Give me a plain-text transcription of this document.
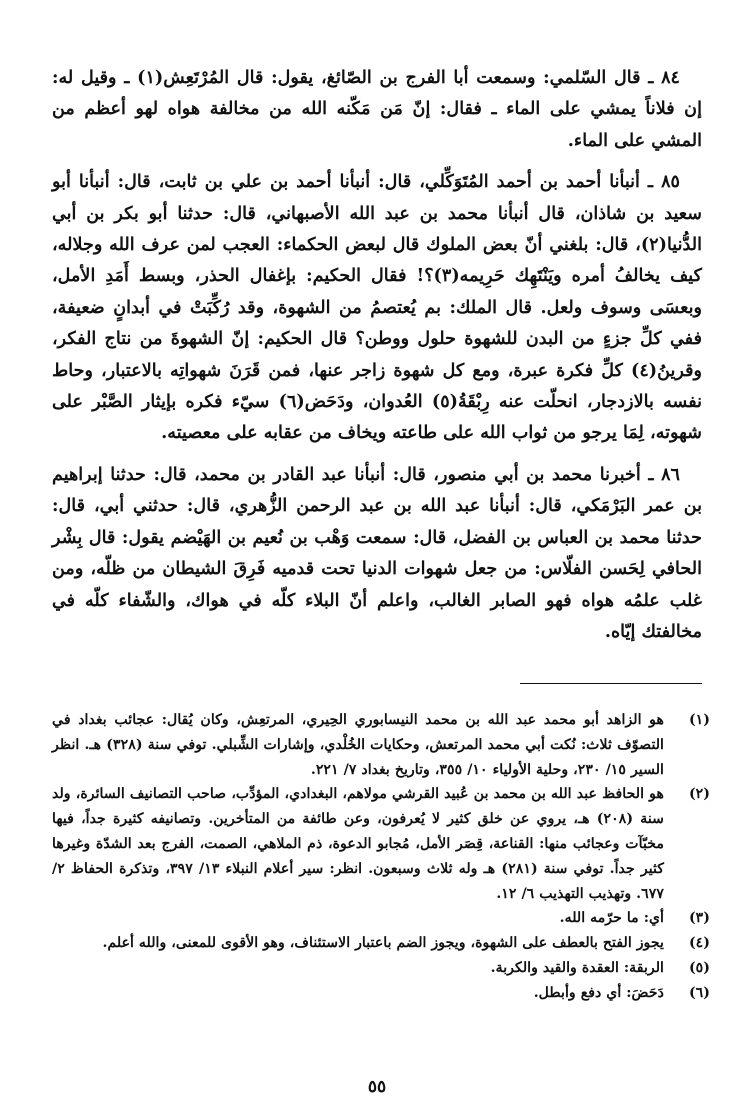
٨٤ ـ قال السّلمي: وسمعت أبا الفرج بن الصّائغ، يقول: قال المُرْتَعِش(١) ـ وقيل له: إن فلاناً يمشي على الماء ـ فقال: إنّ مَن مَكّنه الله من مخالفة هواه لهو أعظم من المشي على الماء.

٨٥ ـ أنبأنا أحمد بن أحمد المُتَوَكِّلي، قال: أنبأنا أحمد بن علي بن ثابت، قال: أنبأنا أبو سعيد بن شاذان، قال أنبأنا محمد بن عبد الله الأصبهاني، قال: حدثنا أبو بكر بن أبي الدُّنيا(٢)، قال: بلغني أنّ بعض الملوك قال لبعض الحكماء: العجب لمن عرف الله وجلاله، كيف يخالفُ أمره ويَنْتَهِك حَرِيمه(٣)؟! فقال الحكيم: بإغفال الحذر، وبسط أَمَدِ الأمل، وبعسَى وسوف ولعل. قال الملك: بم يُعتصمُ من الشهوة، وقد رُكِّبَتْ في أبدانٍ ضعيفة، ففي كلِّ جزءٍ من البدن للشهوة حلول ووطن؟ قال الحكيم: إنّ الشهوةَ من نتاج الفكر، وقرينُ(٤) كلِّ فكرة عبرة، ومع كل شهوة زاجر عنها، فمن قَرَنَ شهواتِه بالاعتبار، وحاط نفسه بالازدجار، انحلّت عنه رِبْقَةُ(٥) العُدوان، ودَحَض(٦) سيّء فكره بإيثار الصَّبْر على شهوته، لِمَا يرجو من ثواب الله على طاعته ويخاف من عقابه على معصيته.

٨٦ ـ أخبرنا محمد بن أبي منصور، قال: أنبأنا عبد القادر بن محمد، قال: حدثنا إبراهيم بن عمر البَرْمَكي، قال: أنبأنا عبد الله بن عبد الرحمن الزُّهري، قال: حدثني أبي، قال: حدثنا محمد بن العباس بن الفضل، قال: سمعت وَهْب بن نُعيم بن الهَيْضم يقول: قال بِشْر الحافي لِحَسن الفلّاس: من جعل شهوات الدنيا تحت قدميه فَرِقَ الشيطان من ظلّه، ومن غلب علمُه هواه فهو الصابر الغالب، واعلم أنّ البلاء كلّه في هواك، والشّفاء كلّه في مخالفتك إيّاه.

(١)
هو الزاهد أبو محمد عبد الله بن محمد النيسابوري الحِيري، المرتعِش، وكان يُقال: عجائب بغداد في التصوّف ثلاث: نُكت أبي محمد المرتعش، وحكايات الخُلْدي، وإشارات الشِّبلي. توفي سنة (٣٢٨) هـ. انظر السير ١٥/ ٢٣٠، وحلية الأولياء ١٠/ ٣٥٥، وتاريخ بغداد ٧/ ٢٢١.
(٢)
هو الحافظ عبد الله بن محمد بن عُبيد القرشي مولاهم، البغدادي، المؤدِّب، صاحب التصانيف السائرة، ولد سنة (٢٠٨) هـ، يروي عن خلق كثير لا يُعرفون، وعن طائفة من المتأخرين. وتصانيفه كثيرة جداً، فيها مخبّآت وعجائب منها: القناعة، قِصَر الأمل، مُجابو الدعوة، ذم الملاهي، الصمت، الفرج بعد الشدّة وغيرها كثير جداً. توفي سنة (٢٨١) هـ وله ثلاث وسبعون. انظر: سير أعلام النبلاء ١٣/ ٣٩٧، وتذكرة الحفاظ ٢/ ٦٧٧. وتهذيب التهذيب ٦/ ١٢.
(٣)
أي: ما حرّمه الله.
(٤)
يجوز الفتح بالعطف على الشهوة، ويجوز الضم باعتبار الاستئناف، وهو الأقوى للمعنى، والله أعلم.
(٥)
الربقة: العقدة والقيد والكربة.
(٦)
دَحَضَ: أي دفع وأبطل.
٥٥
